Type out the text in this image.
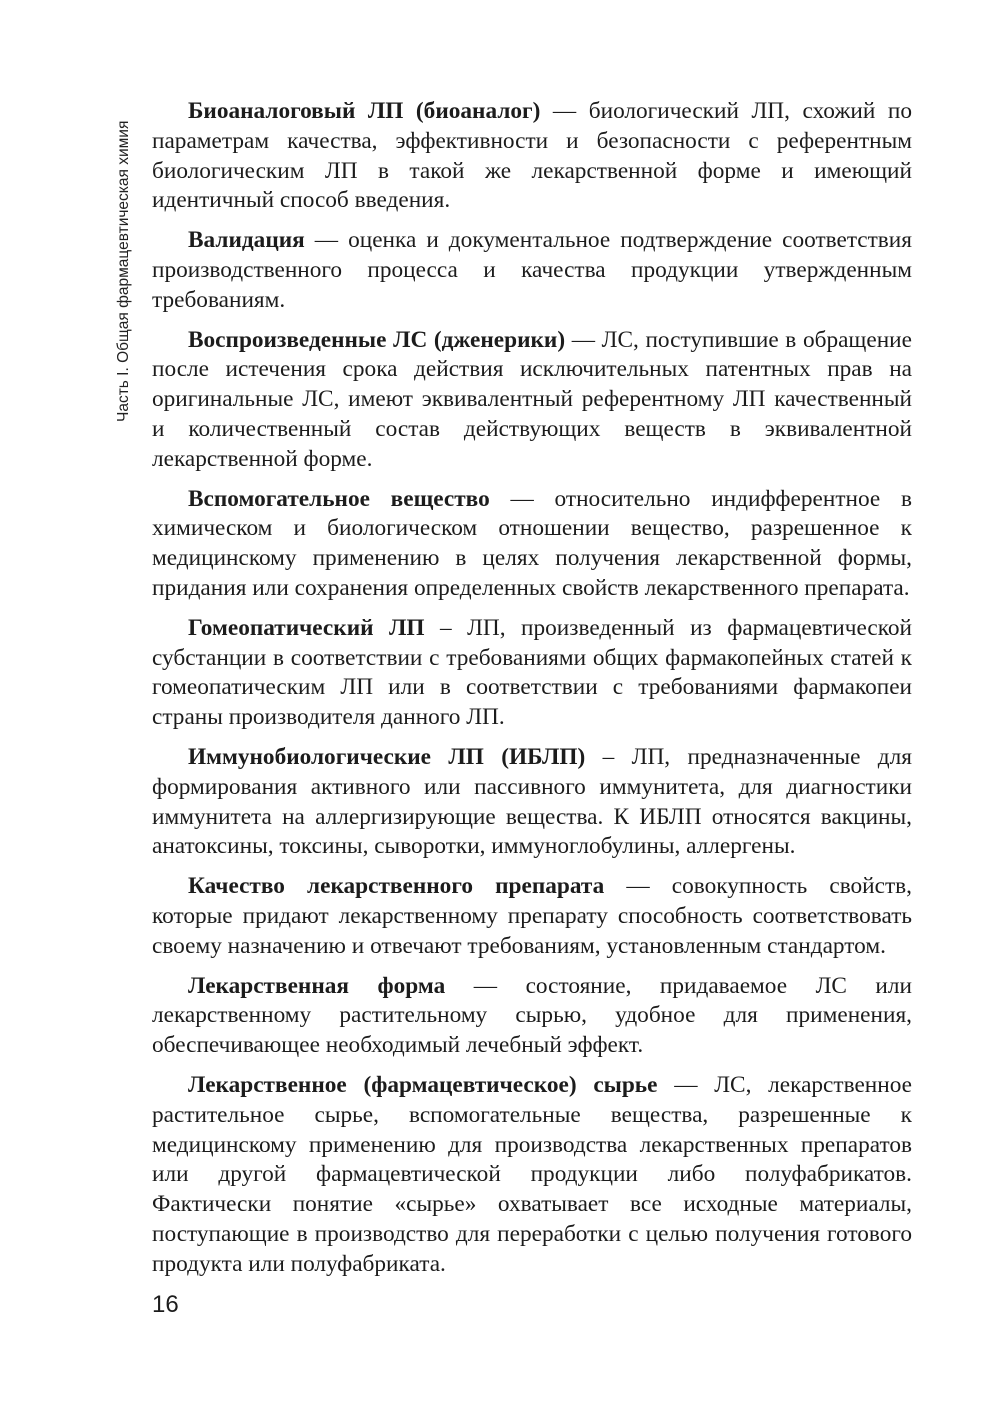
Часть I. Общая фармацевтическая химия

Биоаналоговый ЛП (биоаналог) — биологический ЛП, схожий по параметрам качества, эффективности и безопасности с референтным биологическим ЛП в такой же лекарственной форме и имеющий идентичный способ введения.

Валидация — оценка и документальное подтверждение соответствия производственного процесса и качества продукции утвержденным требованиям.

Воспроизведенные ЛС (дженерики) — ЛС, поступившие в обращение после истечения срока действия исключительных патентных прав на оригинальные ЛС, имеют эквивалентный референтному ЛП качественный и количественный состав действующих веществ в эквивалентной лекарственной форме.

Вспомогательное вещество — относительно индифферентное в химическом и биологическом отношении вещество, разрешенное к медицинскому применению в целях получения лекарственной формы, придания или сохранения определенных свойств лекарственного препарата.

Гомеопатический ЛП – ЛП, произведенный из фармацевтической субстанции в соответствии с требованиями общих фармакопейных статей к гомеопатическим ЛП или в соответствии с требованиями фармакопеи страны производителя данного ЛП.

Иммунобиологические ЛП (ИБЛП) – ЛП, предназначенные для формирования активного или пассивного иммунитета, для диагностики иммунитета на аллергизирующие вещества. К ИБЛП относятся вакцины, анатоксины, токсины, сыворотки, иммуноглобулины, аллергены.

Качество лекарственного препарата — совокупность свойств, которые придают лекарственному препарату способность соответствовать своему назначению и отвечают требованиям, установленным стандартом.

Лекарственная форма — состояние, придаваемое ЛС или лекарственному растительному сырью, удобное для применения, обеспечивающее необходимый лечебный эффект.

Лекарственное (фармацевтическое) сырье — ЛС, лекарственное растительное сырье, вспомогательные вещества, разрешенные к медицинскому применению для производства лекарственных препаратов или другой фармацевтической продукции либо полуфабрикатов. Фактически понятие «сырье» охватывает все исходные материалы, поступающие в производство для переработки с целью получения готового продукта или полуфабриката.

16
